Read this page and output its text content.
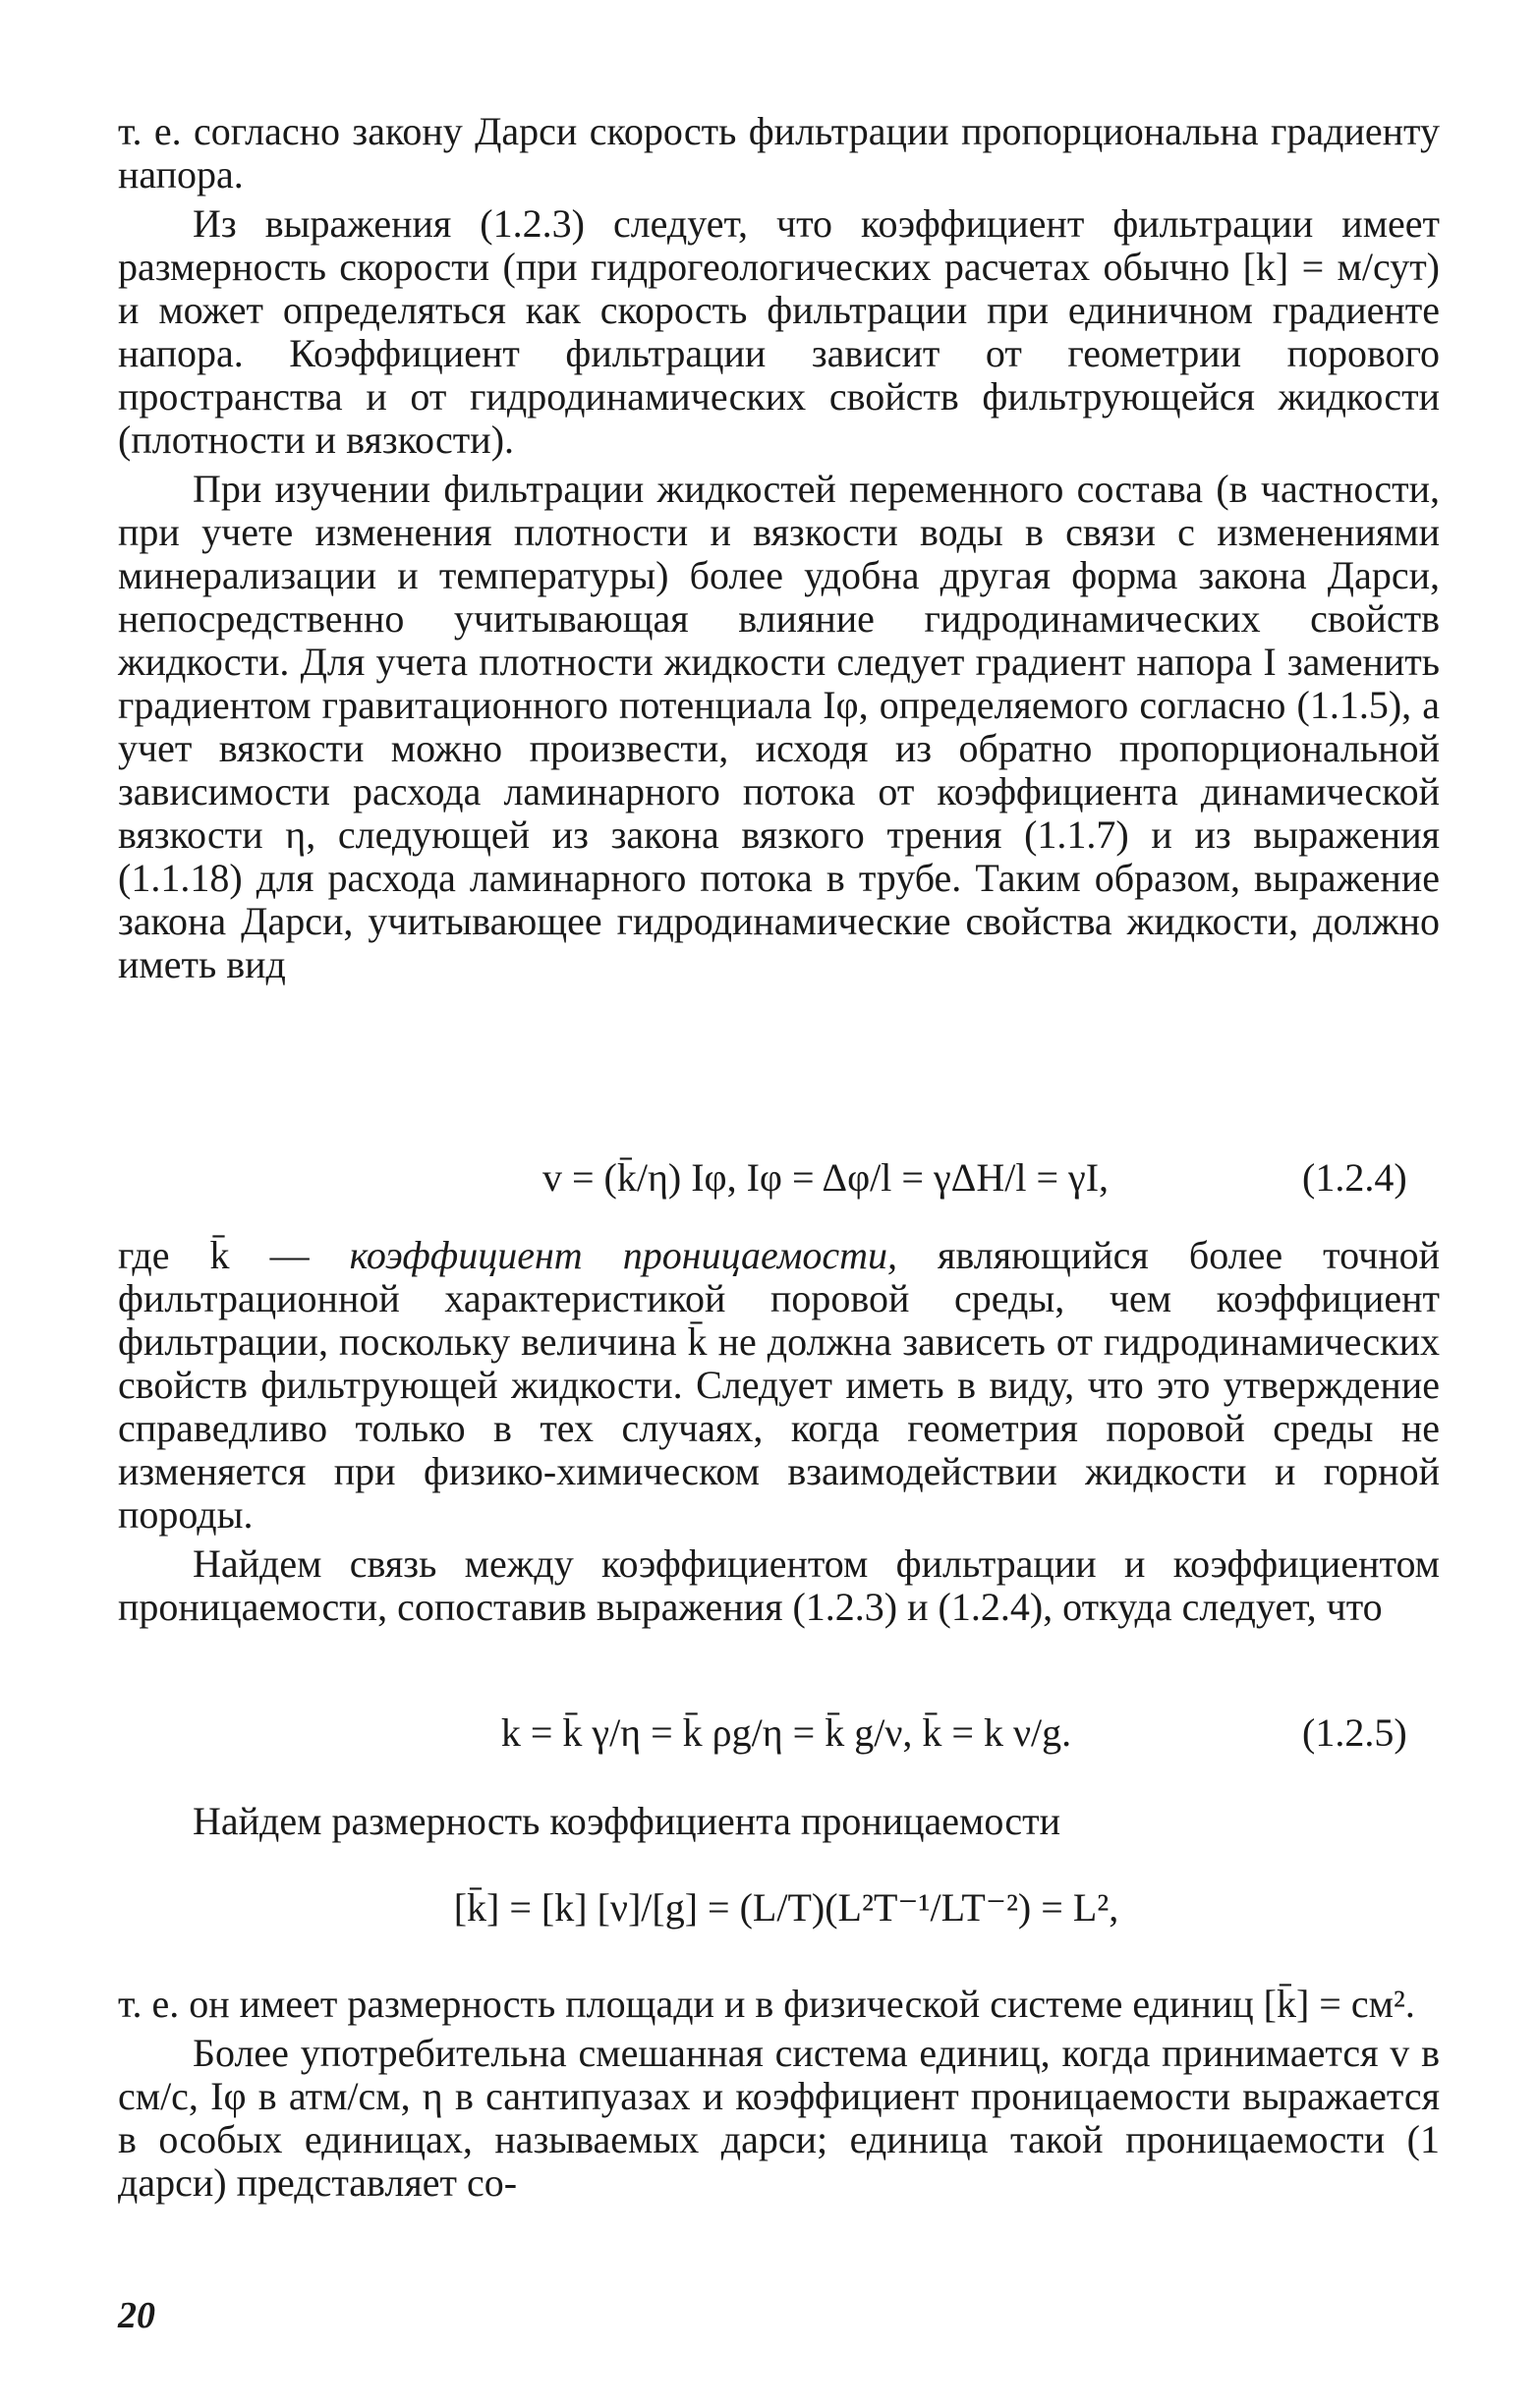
т. е. согласно закону Дарси скорость фильтрации пропорциональна градиенту напора.

Из выражения (1.2.3) следует, что коэффициент фильтрации имеет размерность скорости (при гидрогеологических расчетах обычно [k] = м/сут) и может определяться как скорость фильтрации при единичном градиенте напора. Коэффициент фильтрации зависит от геометрии порового пространства и от гидродинамических свойств фильтрующейся жидкости (плотности и вязкости).

При изучении фильтрации жидкостей переменного состава (в частности, при учете изменения плотности и вязкости воды в связи с изменениями минерализации и температуры) более удобна другая форма закона Дарси, непосредственно учитывающая влияние гидродинамических свойств жидкости. Для учета плотности жидкости следует градиент напора I заменить градиентом гравитационного потенциала Iφ, определяемого согласно (1.1.5), а учет вязкости можно произвести, исходя из обратно пропорциональной зависимости расхода ламинарного потока от коэффициента динамической вязкости η, следующей из закона вязкого трения (1.1.7) и из выражения (1.1.18) для расхода ламинарного потока в трубе. Таким образом, выражение закона Дарси, учитывающее гидродинамические свойства жидкости, должно иметь вид

v = (k̄/η) Iφ, Iφ = Δφ/l = γΔH/l = γI,	(1.2.4)

где k̄ — коэффициент проницаемости, являющийся более точной фильтрационной характеристикой поровой среды, чем коэффициент фильтрации, поскольку величина k̄ не должна зависеть от гидродинамических свойств фильтрующей жидкости. Следует иметь в виду, что это утверждение справедливо только в тех случаях, когда геометрия поровой среды не изменяется при физико-химическом взаимодействии жидкости и горной породы.

Найдем связь между коэффициентом фильтрации и коэффициентом проницаемости, сопоставив выражения (1.2.3) и (1.2.4), откуда следует, что

k = k̄ γ/η = k̄ ρg/η = k̄ g/ν, k̄ = k ν/g.	(1.2.5)

Найдем размерность коэффициента проницаемости

[k̄] = [k] [ν]/[g] = (L/T)(L²T⁻¹/LT⁻²) = L²,

т. е. он имеет размерность площади и в физической системе единиц [k̄] = см².

Более употребительна смешанная система единиц, когда принимается v в см/с, Iφ в атм/см, η в сантипуазах и коэффициент проницаемости выражается в особых единицах, называемых дарси; единица такой проницаемости (1 дарси) представляет со-

20
